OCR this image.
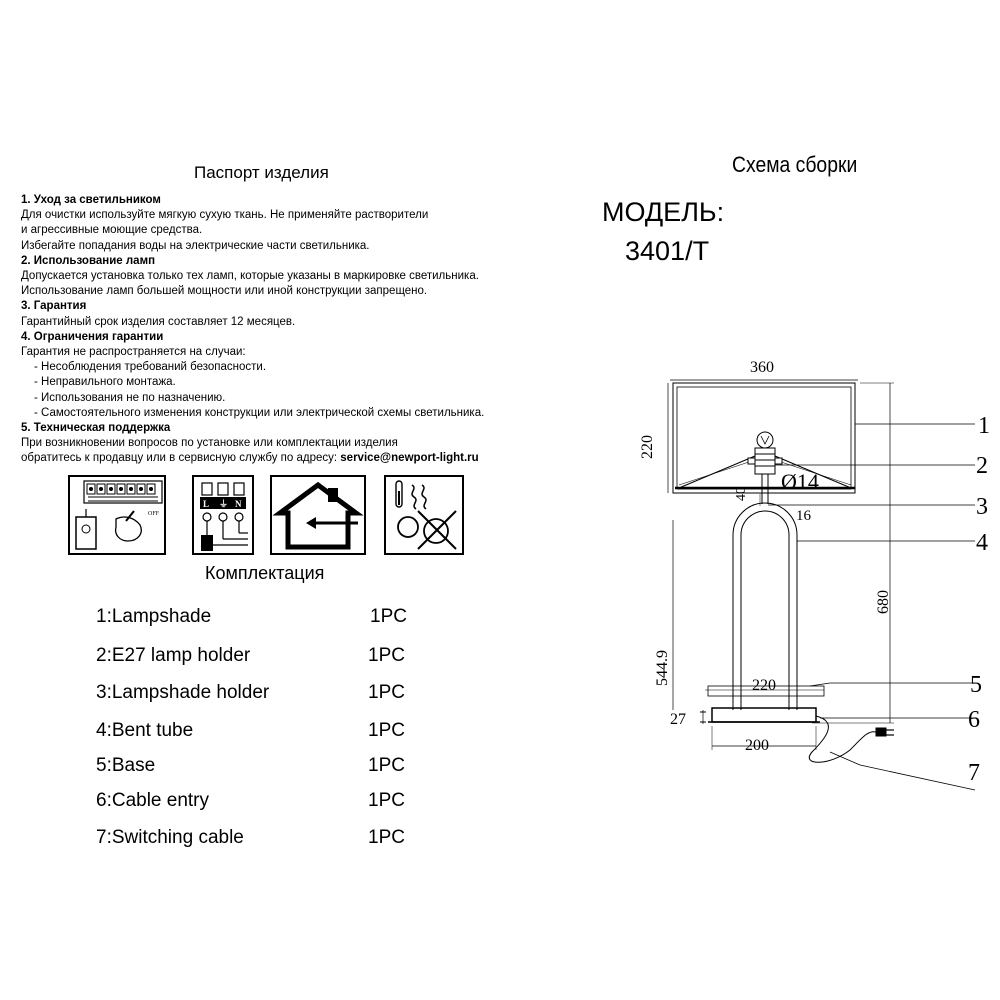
Паспорт изделия
1. Уход за светильником
Для очистки используйте мягкую сухую ткань. Не применяйте растворители
и агрессивные моющие средства.
Избегайте попадания воды на электрические части светильника.
2. Использование ламп
Допускается установка только тех ламп, которые указаны в маркировке светильника.
Использование ламп большей мощности или иной конструкции запрещено.
3. Гарантия
Гарантийный срок изделия составляет 12 месяцев.
4. Ограничения гарантии
Гарантия не распространяется на случаи:
- Несоблюдения требований безопасности.
- Неправильного монтажа.
- Использования не по назначению.
- Самостоятельного изменения конструкции или электрической схемы светильника.
5. Техническая поддержка
При возникновении вопросов по установке или комплектации изделия
обратитесь к продавцу или в сервисную службу по адресу: service@newport-light.ru
OFF
L ⏚ N
Комплектация
1:Lampshade	1PC
2:E27 lamp holder	1PC
3:Lampshade holder	1PC
4:Bent tube	1PC
5:Base	1PC
6:Cable entry	1PC
7:Switching cable	1PC
Схема сборки
МОДЕЛЬ:
3401/T
360
220
Ø14
40
16
680
544.9	220
27
200
1
2
3
4
5
6
7
